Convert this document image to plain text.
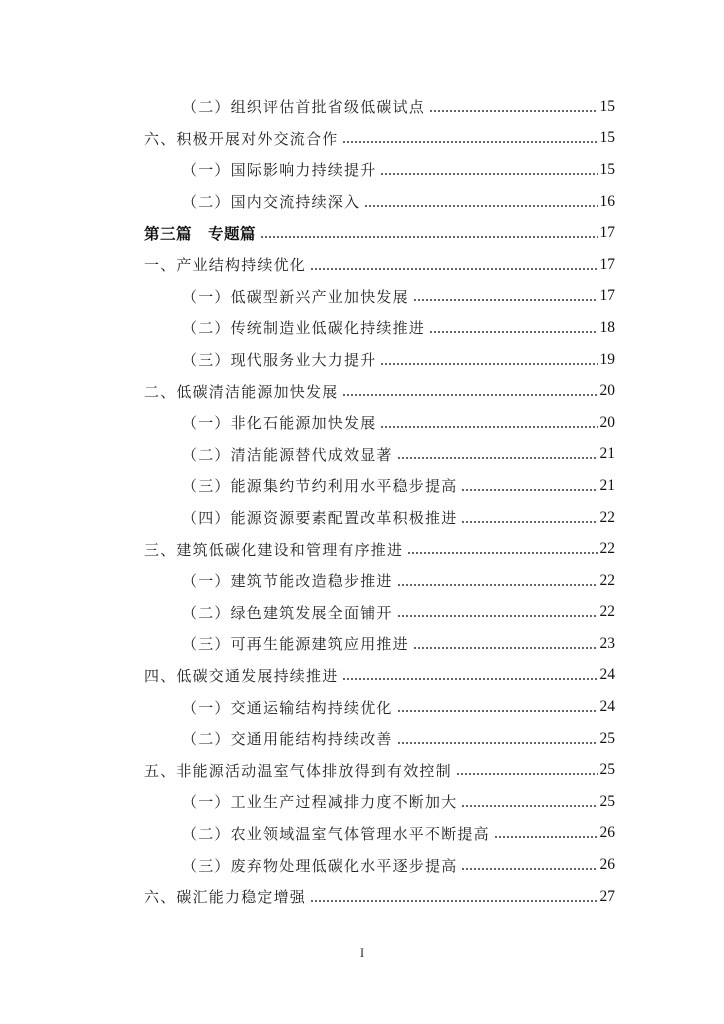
（二）组织评估首批省级低碳试点	15
六、积极开展对外交流合作	15
（一）国际影响力持续提升	15
（二）国内交流持续深入	16
第三篇　专题篇	17
一、产业结构持续优化	17
（一）低碳型新兴产业加快发展	17
（二）传统制造业低碳化持续推进	18
（三）现代服务业大力提升	19
二、低碳清洁能源加快发展	20
（一）非化石能源加快发展	20
（二）清洁能源替代成效显著	21
（三）能源集约节约利用水平稳步提高	21
（四）能源资源要素配置改革积极推进	22
三、建筑低碳化建设和管理有序推进	22
（一）建筑节能改造稳步推进	22
（二）绿色建筑发展全面铺开	22
（三）可再生能源建筑应用推进	23
四、低碳交通发展持续推进	24
（一）交通运输结构持续优化	24
（二）交通用能结构持续改善	25
五、非能源活动温室气体排放得到有效控制	25
（一）工业生产过程减排力度不断加大	25
（二）农业领域温室气体管理水平不断提高	26
（三）废弃物处理低碳化水平逐步提高	26
六、碳汇能力稳定增强	27
I
